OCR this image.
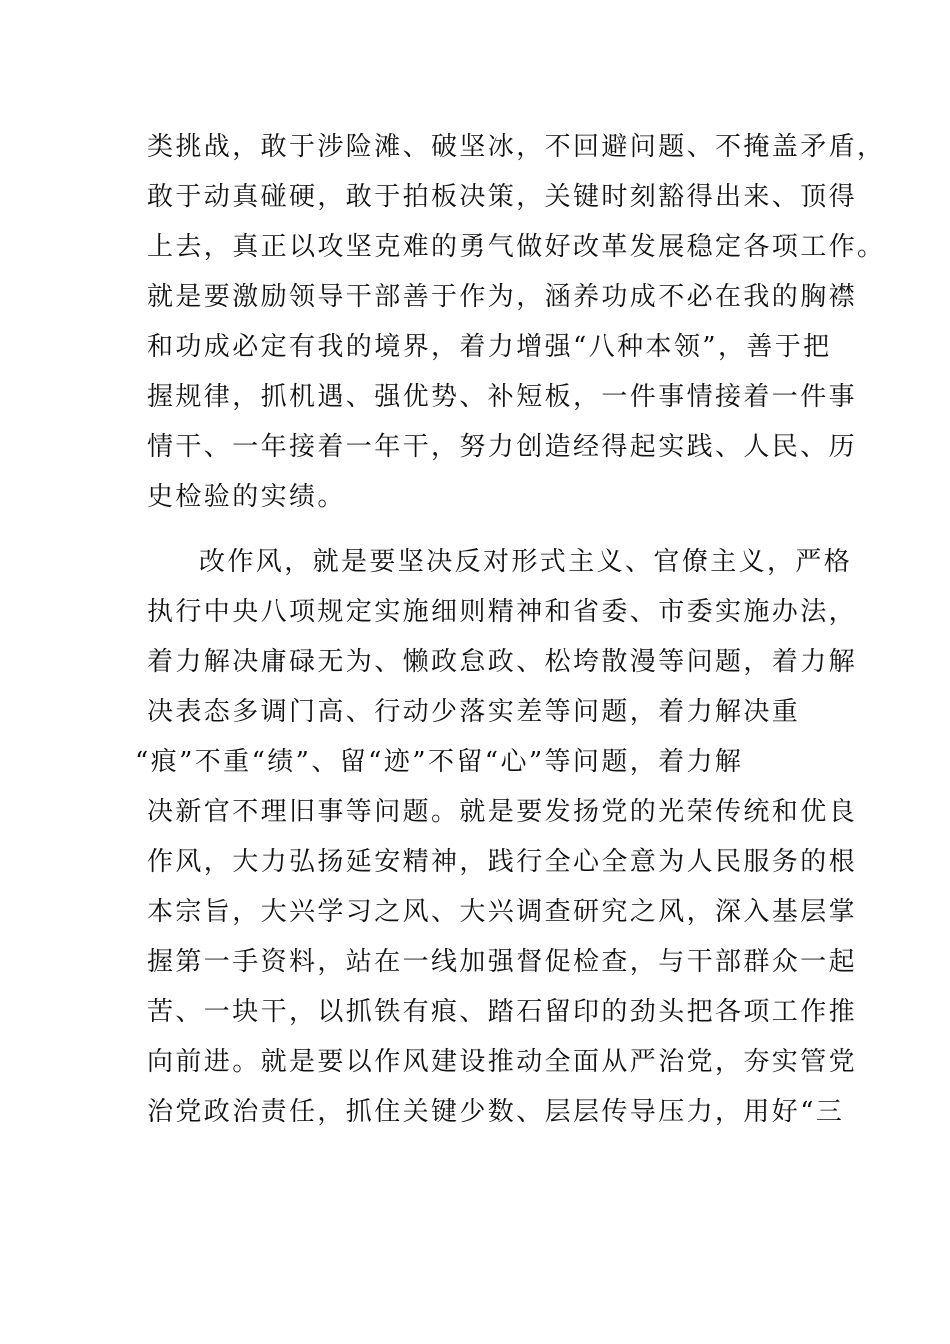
类挑战，敢于涉险滩、破坚冰，不回避问题、不掩盖矛盾，
敢于动真碰硬，敢于拍板决策，关键时刻豁得出来、顶得
上去，真正以攻坚克难的勇气做好改革发展稳定各项工作。
就是要激励领导干部善于作为，涵养功成不必在我的胸襟
和功成必定有我的境界，着力增强“八种本领”，善于把
握规律，抓机遇、强优势、补短板，一件事情接着一件事
情干、一年接着一年干，努力创造经得起实践、人民、历
史检验的实绩。
改作风，就是要坚决反对形式主义、官僚主义，严格
执行中央八项规定实施细则精神和省委、市委实施办法，
着力解决庸碌无为、懒政怠政、松垮散漫等问题，着力解
决表态多调门高、行动少落实差等问题，着力解决重
“痕”不重“绩”、留“迹”不留“心”等问题，着力解
决新官不理旧事等问题。就是要发扬党的光荣传统和优良
作风，大力弘扬延安精神，践行全心全意为人民服务的根
本宗旨，大兴学习之风、大兴调查研究之风，深入基层掌
握第一手资料，站在一线加强督促检查，与干部群众一起
苦、一块干，以抓铁有痕、踏石留印的劲头把各项工作推
向前进。就是要以作风建设推动全面从严治党，夯实管党
治党政治责任，抓住关键少数、层层传导压力，用好“三
